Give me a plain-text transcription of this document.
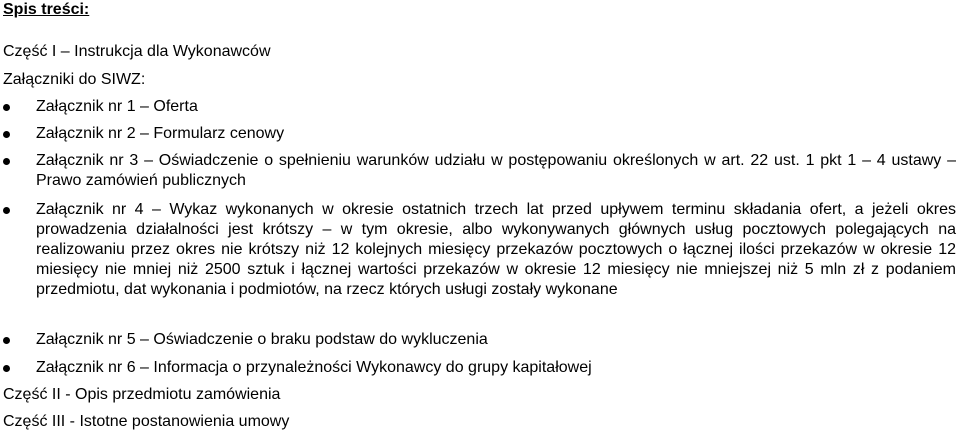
Spis treści:
Część I – Instrukcja dla Wykonawców
Załączniki do SIWZ:
Załącznik nr 1 – Oferta
Załącznik nr 2 – Formularz cenowy
Załącznik nr 3 – Oświadczenie o spełnieniu warunków udziału w postępowaniu określonych w art. 22 ust. 1 pkt 1 – 4 ustawy – Prawo zamówień publicznych
Załącznik nr 4 – Wykaz wykonanych w okresie ostatnich trzech lat przed upływem terminu składania ofert, a jeżeli okres prowadzenia działalności jest krótszy – w tym okresie, albo wykonywanych głównych usług pocztowych polegających na realizowaniu przez okres nie krótszy niż 12 kolejnych miesięcy przekazów pocztowych o łącznej ilości przekazów w okresie 12 miesięcy nie mniej niż 2500 sztuk i łącznej wartości przekazów w okresie 12 miesięcy nie mniejszej niż 5 mln zł z podaniem przedmiotu, dat wykonania i podmiotów, na rzecz których usługi zostały wykonane
Załącznik nr 5 – Oświadczenie o braku podstaw do wykluczenia
Załącznik nr 6 – Informacja o przynależności Wykonawcy do grupy kapitałowej
Część II - Opis przedmiotu zamówienia
Część III - Istotne postanowienia umowy
